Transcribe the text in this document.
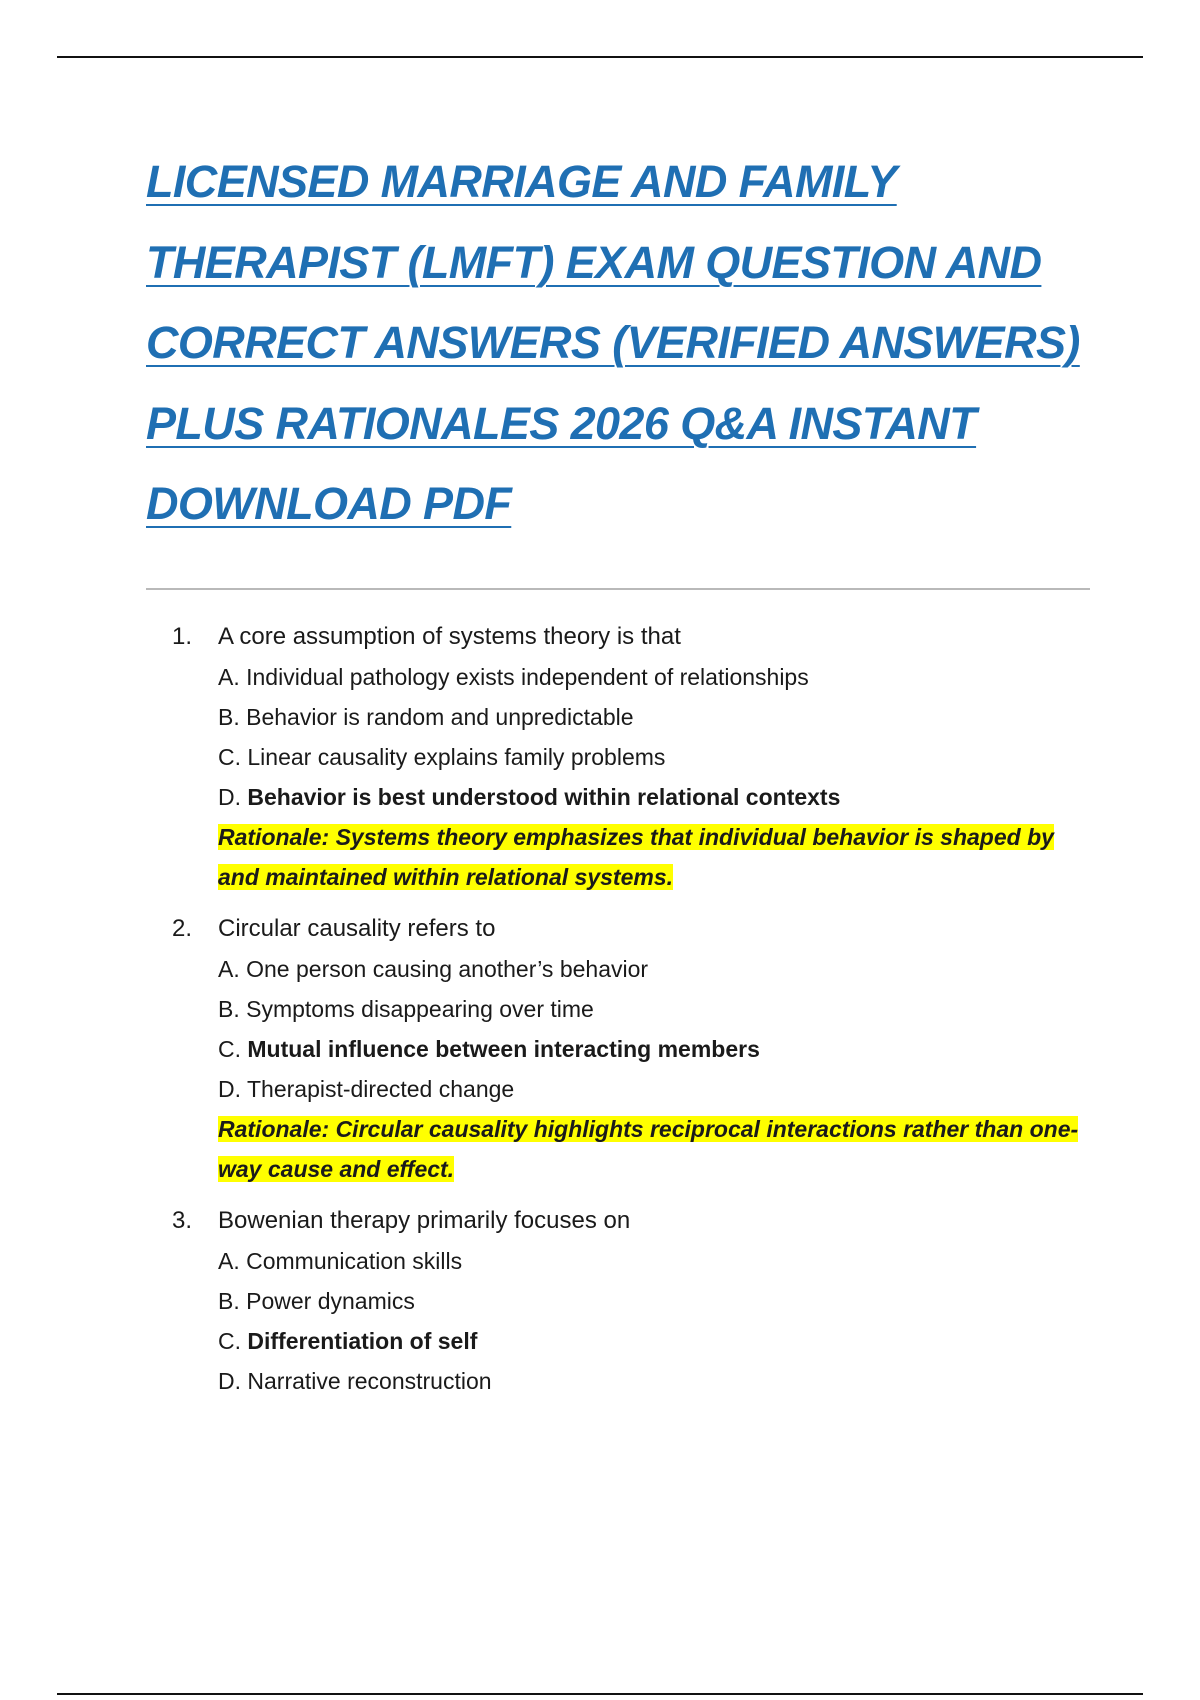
LICENSED MARRIAGE AND FAMILY THERAPIST (LMFT) EXAM QUESTION AND CORRECT ANSWERS (VERIFIED ANSWERS) PLUS RATIONALES 2026 Q&A INSTANT DOWNLOAD PDF
1.	A core assumption of systems theory is that
A. Individual pathology exists independent of relationships
B. Behavior is random and unpredictable
C. Linear causality explains family problems
D. Behavior is best understood within relational contexts

Rationale: Systems theory emphasizes that individual behavior is shaped by and maintained within relational systems.

2.	Circular causality refers to
A. One person causing another’s behavior
B. Symptoms disappearing over time
C. Mutual influence between interacting members
D. Therapist-directed change

Rationale: Circular causality highlights reciprocal interactions rather than one-way cause and effect.

3.	Bowenian therapy primarily focuses on
A. Communication skills
B. Power dynamics
C. Differentiation of self
D. Narrative reconstruction
